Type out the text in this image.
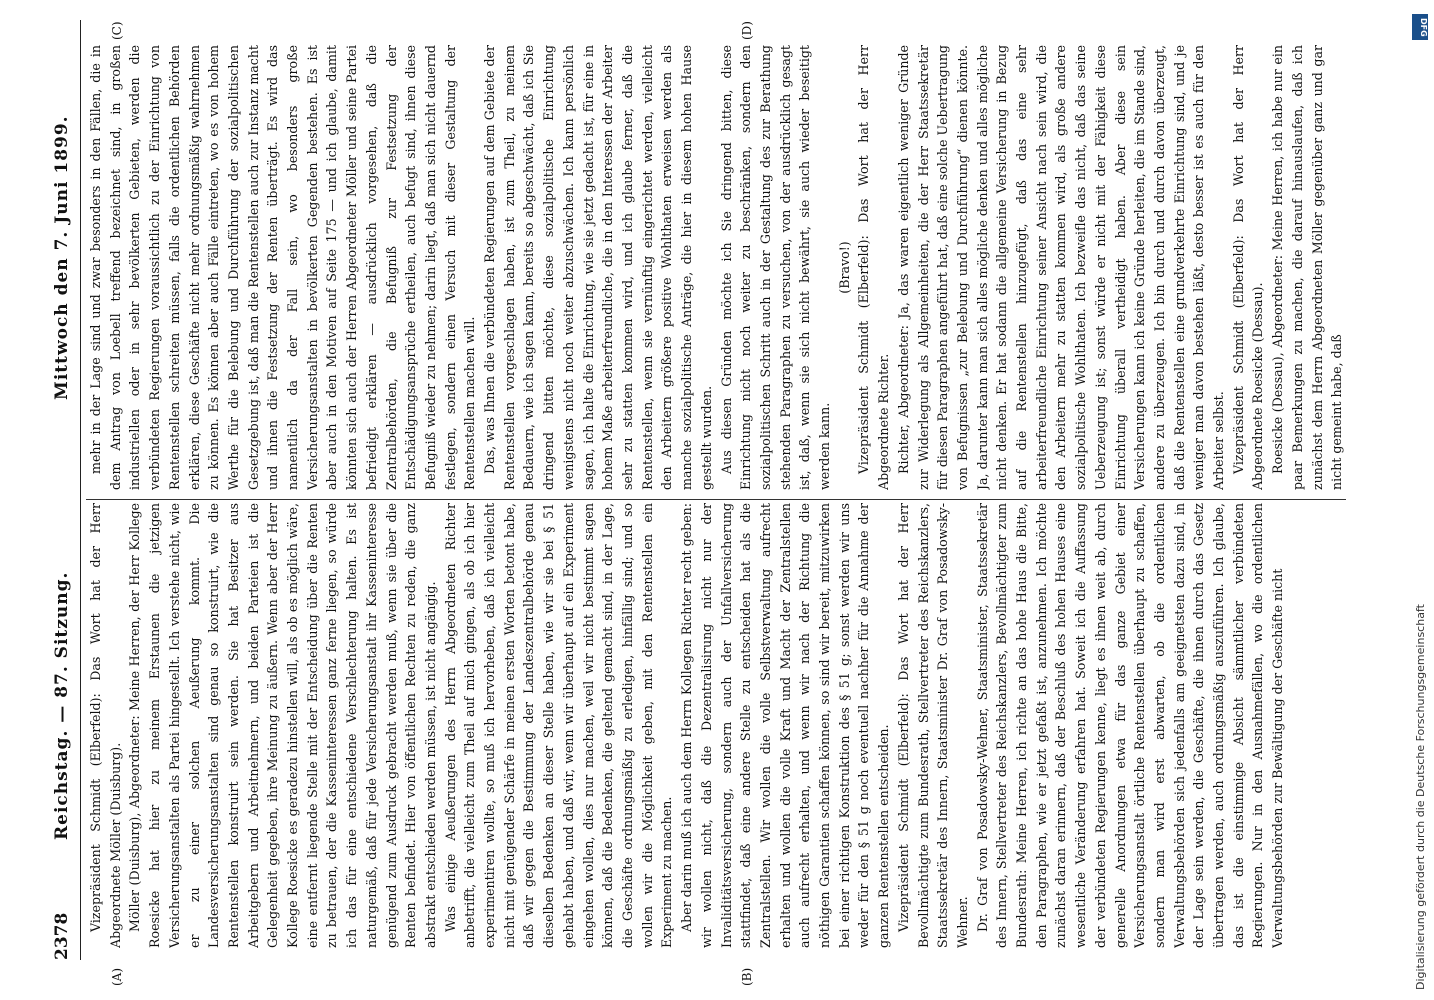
2378
Reichstag. — 87. Sitzung.
Mittwoch den 7. Juni 1899.
(A)	(B)
(C)	(D)

Vizepräsident Schmidt (Elberfeld): Das Wort hat der Herr Abgeordnete Möller (Duisburg). Möller (Duisburg), Abgeordneter: Meine Herren, der Herr Kollege Roesicke hat hier zu meinem Erstaunen die jetzigen Versicherungsanstalten als Partei hingestellt. Ich verstehe nicht, wie er zu einer solchen Aeußerung kommt. Die Landesversicherungsanstalten sind genau so konstruirt, wie die Rentenstellen konstruirt sein werden. Sie hat Besitzer aus Arbeitgebern und Arbeitnehmern, und beiden Parteien ist die Gelegenheit gegeben, ihre Meinung zu äußern. Wenn aber der Herr Kollege Roesicke es geradezu hinstellen will, als ob es möglich wäre, eine entfernt liegende Stelle mit der Entscheidung über die Renten zu betrauen, der die Kasseninteressen ganz ferne liegen, so würde ich das für eine entschiedene Verschlechterung halten. Es ist naturgemäß, daß für jede Versicherungsanstalt ihr Kasseninteresse genügend zum Ausdruck gebracht werden muß, wenn sie über die Renten befindet. Hier von öffentlichen Rechten zu reden, die ganz abstrakt entschieden werden müssen, ist nicht angängig. Was einige Aeußerungen des Herrn Abgeordneten Richter anbetrifft, die vielleicht zum Theil auf mich gingen, als ob ich hier experimentiren wollte, so muß ich hervorheben, daß ich vielleicht nicht mit genügender Schärfe in meinen ersten Worten betont habe, daß wir gegen die Bestimmung der Landeszentralbehörde genau dieselben Bedenken an dieser Stelle haben, wie wir sie bei § 51 gehabt haben, und daß wir, wenn wir überhaupt auf ein Experiment eingehen wollen, dies nur machen, weil wir nicht bestimmt sagen können, daß die Bedenken, die geltend gemacht sind, in der Lage, die Geschäfte ordnungsmäßig zu erledigen, hinfällig sind; und so wollen wir die Möglichkeit geben, mit den Rentenstellen ein Experiment zu machen. Aber darin muß ich auch dem Herrn Kollegen Richter recht geben: wir wollen nicht, daß die Dezentralisirung nicht nur der Invaliditätsversicherung, sondern auch der Unfallversicherung stattfindet, daß eine andere Stelle zu entscheiden hat als die Zentralstellen. Wir wollen die volle Selbstverwaltung aufrecht erhalten und wollen die volle Kraft und Macht der Zentralstellen auch aufrecht erhalten, und wenn wir nach der Richtung die nöthigen Garantien schaffen können, so sind wir bereit, mitzuwirken bei einer richtigen Konstruktion des § 51 g; sonst werden wir uns weder für den § 51 g noch eventuell nachher für die Annahme der ganzen Rentenstellen entscheiden. Vizepräsident Schmidt (Elberfeld): Das Wort hat der Herr Bevollmächtigte zum Bundesrath, Stellvertreter des Reichskanzlers, Staatssekretär des Innern, Staatsminister Dr. Graf von Posadowsky-Wehner. Dr. Graf von Posadowsky-Wehner, Staatsminister, Staatssekretär des Innern, Stellvertreter des Reichskanzlers, Bevollmächtigter zum Bundesrath: Meine Herren, ich richte an das hohe Haus die Bitte, den Paragraphen, wie er jetzt gefaßt ist, anzunehmen. Ich möchte zunächst daran erinnern, daß der Beschluß des hohen Hauses eine wesentliche Veränderung erfahren hat. Soweit ich die Auffassung der verbündeten Regierungen kenne, liegt es ihnen weit ab, durch generelle Anordnungen etwa für das ganze Gebiet einer Versicherungsanstalt örtliche Rentenstellen überhaupt zu schaffen, sondern man wird erst abwarten, ob die ordentlichen Verwaltungsbehörden sich jedenfalls am geeignetsten dazu sind, in der Lage sein werden, die Geschäfte, die ihnen durch das Gesetz übertragen werden, auch ordnungsmäßig auszuführen. Ich glaube, das ist die einstimmige Absicht sämmtlicher verbündeten Regierungen. Nur in den Ausnahmefällen, wo die ordentlichen Verwaltungsbehörden zur Bewältigung der Geschäfte nicht

mehr in der Lage sind und zwar besonders in den Fällen, die in dem Antrag von Loebell treffend bezeichnet sind, in großen industriellen oder in sehr bevölkerten Gebieten, werden die verbündeten Regierungen voraussichtlich zu der Einrichtung von Rentenstellen schreiten müssen, falls die ordentlichen Behörden erklären, diese Geschäfte nicht mehr ordnungsmäßig wahrnehmen zu können. Es können aber auch Fälle eintreten, wo es von hohem Werthe für die Belebung und Durchführung der sozialpolitischen Gesetzgebung ist, daß man die Rentenstellen auch zur Instanz macht und ihnen die Festsetzung der Renten überträgt. Es wird das namentlich da der Fall sein, wo besonders große Versicherungsanstalten in bevölkerten Gegenden bestehen. Es ist aber auch in den Motiven auf Seite 175 — und ich glaube, damit könnten sich auch der Herren Abgeordneter Möller und seine Partei befriedigt erklären — ausdrücklich vorgesehen, daß die Zentralbehörden, die Befugniß zur Festsetzung der Entschädigungsansprüche ertheilen, auch befugt sind, ihnen diese Befugniß wieder zu nehmen; darin liegt, daß man sich nicht dauernd festlegen, sondern einen Versuch mit dieser Gestaltung der Rentenstellen machen will. Das, was Ihnen die verbündeten Regierungen auf dem Gebiete der Rentenstellen vorgeschlagen haben, ist zum Theil, zu meinem Bedauern, wie ich sagen kann, bereits so abgeschwächt, daß ich Sie dringend bitten möchte, diese sozialpolitische Einrichtung wenigstens nicht noch weiter abzuschwächen. Ich kann persönlich sagen, ich halte die Einrichtung, wie sie jetzt gedacht ist, für eine in hohem Maße arbeiterfreundliche, die in den Interessen der Arbeiter sehr zu statten kommen wird, und ich glaube ferner, daß die Rentenstellen, wenn sie vernünftig eingerichtet werden, vielleicht den Arbeitern größere positive Wohlthaten erweisen werden als manche sozialpolitische Anträge, die hier in diesem hohen Hause gestellt wurden. Aus diesen Gründen möchte ich Sie dringend bitten, diese Einrichtung nicht noch weiter zu beschränken, sondern den sozialpolitischen Schritt auch in der Gestaltung des zur Berathung stehenden Paragraphen zu versuchen, von der ausdrücklich gesagt ist, daß, wenn sie sich nicht bewährt, sie auch wieder beseitigt werden kann.

(Bravo!) Vizepräsident Schmidt (Elberfeld): Das Wort hat der Herr Abgeordnete Richter. Richter, Abgeordneter: Ja, das waren eigentlich weniger Gründe zur Widerlegung als Allgemeinheiten, die der Herr Staatssekretär für diesen Paragraphen angeführt hat, daß eine solche Uebertragung von Befugnissen „zur Belebung und Durchführung“ dienen könnte. Ja, darunter kann man sich alles mögliche denken und alles mögliche nicht denken. Er hat sodann die allgemeine Versicherung in Bezug auf die Rentenstellen hinzugefügt, daß das eine sehr arbeiterfreundliche Einrichtung seiner Ansicht nach sein wird, die den Arbeitern mehr zu statten kommen wird, als große andere sozialpolitische Wohlthaten. Ich bezweifle das nicht, daß das seine Ueberzeugung ist; sonst würde er nicht mit der Fähigkeit diese Einrichtung überall vertheidigt haben. Aber diese sein Versicherungen kann ich keine Gründe herleiten, die im Stande sind, andere zu überzeugen. Ich bin durch und durch davon überzeugt, daß die Rentenstellen eine grundverkehrte Einrichtung sind, und je weniger man davon bestehen läßt, desto besser ist es auch für den Arbeiter selbst. Vizepräsident Schmidt (Elberfeld): Das Wort hat der Herr Abgeordnete Roesicke (Dessau). Roesicke (Dessau), Abgeordneter: Meine Herren, ich habe nur ein paar Bemerkungen zu machen, die darauf hinauslaufen, daß ich zunächst dem Herrn Abgeordneten Möller gegenüber ganz und gar nicht gemeint habe, daß

DFG
Digitalisierung gefördert durch die Deutsche Forschungsgemeinschaft
